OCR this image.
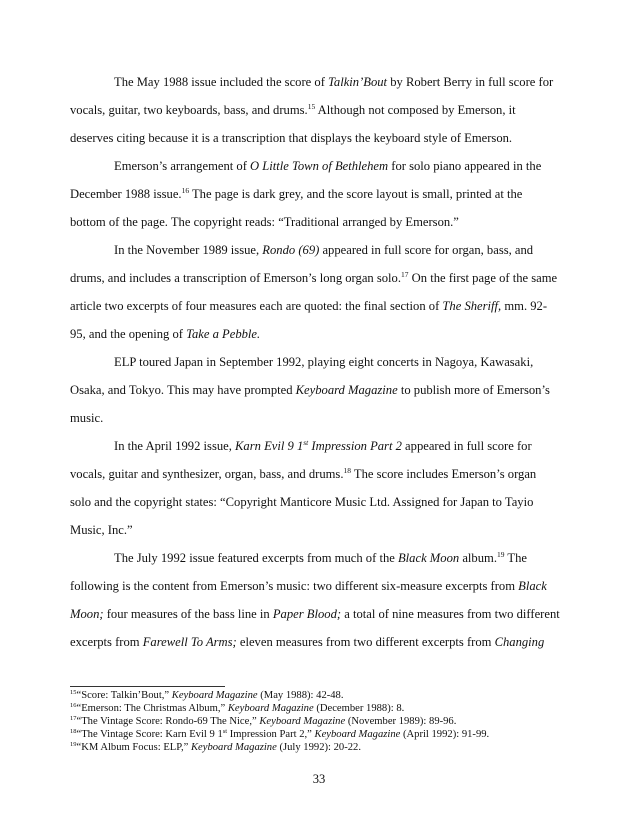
The May 1988 issue included the score of Talkin’Bout by Robert Berry in full score for
vocals, guitar, two keyboards, bass, and drums.$^{15}$ Although not composed by Emerson, it
deserves citing because it is a transcription that displays the keyboard style of Emerson.
Emerson’s arrangement of O Little Town of Bethlehem for solo piano appeared in the
December 1988 issue.$^{16}$ The page is dark grey, and the score layout is small, printed at the
bottom of the page. The copyright reads: “Traditional arranged by Emerson.”
In the November 1989 issue, Rondo (69) appeared in full score for organ, bass, and
drums, and includes a transcription of Emerson’s long organ solo.$^{17}$ On the first page of the same
article two excerpts of four measures each are quoted: the final section of The Sheriff, mm. 92-
95, and the opening of Take a Pebble.
ELP toured Japan in September 1992, playing eight concerts in Nagoya, Kawasaki,
Osaka, and Tokyo. This may have prompted Keyboard Magazine to publish more of Emerson’s
music.
In the April 1992 issue, Karn Evil 9 1st Impression Part 2 appeared in full score for
vocals, guitar and synthesizer, organ, bass, and drums.$^{18}$ The score includes Emerson’s organ
solo and the copyright states: “Copyright Manticore Music Ltd. Assigned for Japan to Tayio
Music, Inc.”
The July 1992 issue featured excerpts from much of the Black Moon album.$^{19}$ The
following is the content from Emerson’s music: two different six-measure excerpts from Black
Moon; four measures of the bass line in Paper Blood; a total of nine measures from two different
excerpts from Farewell To Arms; eleven measures from two different excerpts from Changing
$^{15}$“Score: Talkin’Bout,” Keyboard Magazine (May 1988): 42-48.
$^{16}$“Emerson: The Christmas Album,” Keyboard Magazine (December 1988): 8.
$^{17}$“The Vintage Score: Rondo-69 The Nice,” Keyboard Magazine (November 1989): 89-96.
$^{18}$“The Vintage Score: Karn Evil 9 1st Impression Part 2,” Keyboard Magazine (April 1992): 91-99.
$^{19}$“KM Album Focus: ELP,” Keyboard Magazine (July 1992): 20-22.
33
